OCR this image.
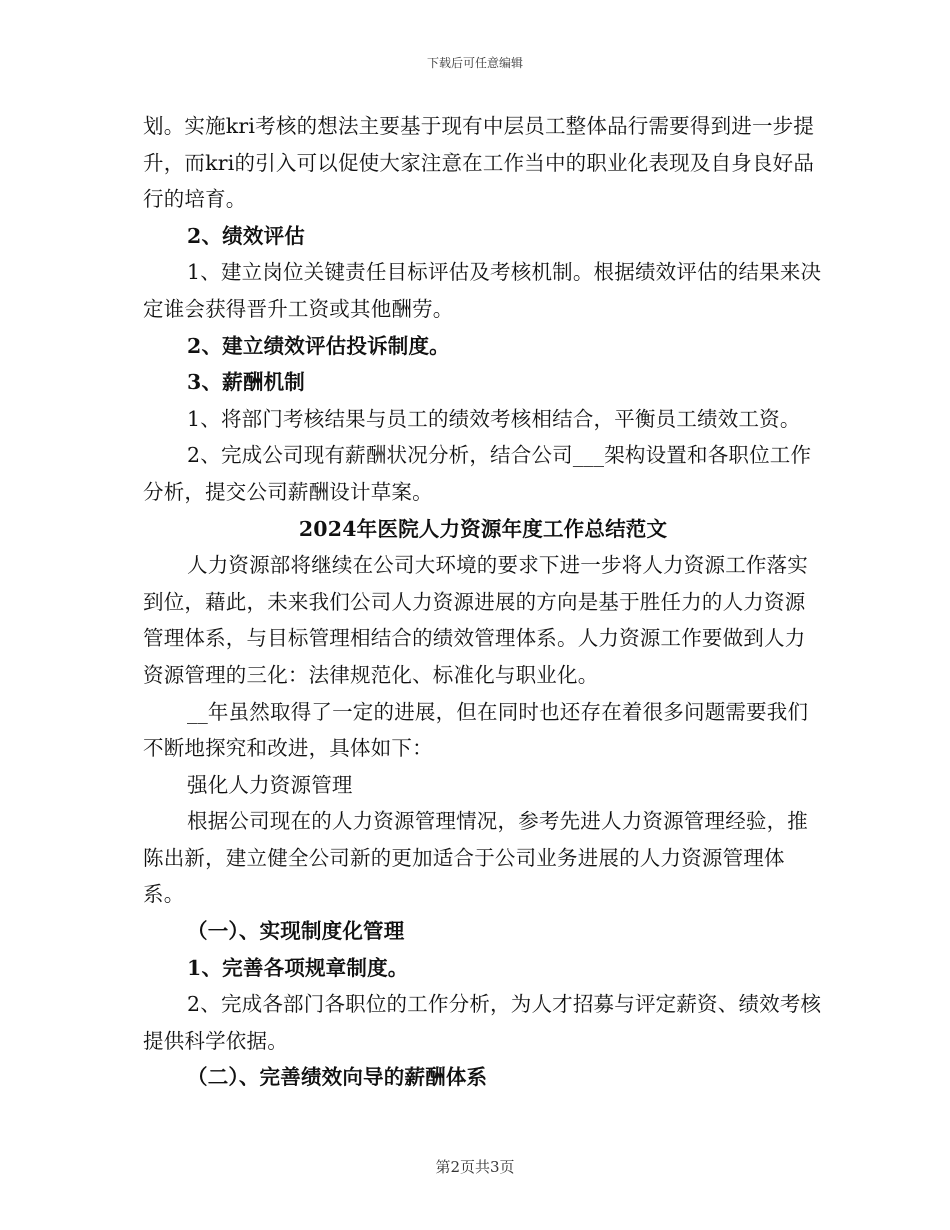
下载后可任意编辑

划。实施kri考核的想法主要基于现有中层员工整体品行需要得到进一步提升，而kri的引入可以促使大家注意在工作当中的职业化表现及自身良好品行的培育。

2、绩效评估

1、建立岗位关键责任目标评估及考核机制。根据绩效评估的结果来决定谁会获得晋升工资或其他酬劳。

2、建立绩效评估投诉制度。

3、薪酬机制

1、将部门考核结果与员工的绩效考核相结合，平衡员工绩效工资。

2、完成公司现有薪酬状况分析，结合公司___架构设置和各职位工作分析，提交公司薪酬设计草案。

2024年医院人力资源年度工作总结范文

人力资源部将继续在公司大环境的要求下进一步将人力资源工作落实到位，藉此，未来我们公司人力资源进展的方向是基于胜任力的人力资源管理体系，与目标管理相结合的绩效管理体系。人力资源工作要做到人力资源管理的三化：法律规范化、标准化与职业化。

__年虽然取得了一定的进展，但在同时也还存在着很多问题需要我们不断地探究和改进，具体如下：

强化人力资源管理

根据公司现在的人力资源管理情况，参考先进人力资源管理经验，推陈出新，建立健全公司新的更加适合于公司业务进展的人力资源管理体系。

（一）、实现制度化管理

1、完善各项规章制度。

2、完成各部门各职位的工作分析，为人才招募与评定薪资、绩效考核提供科学依据。

（二）、完善绩效向导的薪酬体系

第2页共3页
